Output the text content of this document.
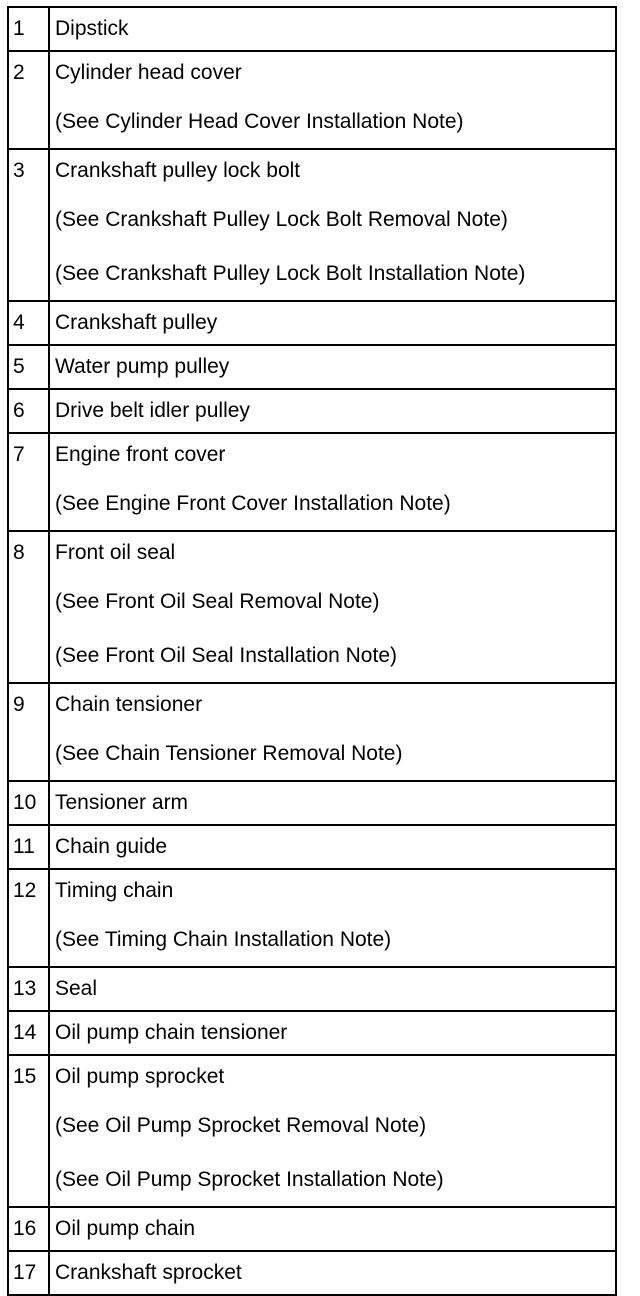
1	Dipstick

2	Cylinder head cover
(See Cylinder Head Cover Installation Note)

3	Crankshaft pulley lock bolt
(See Crankshaft Pulley Lock Bolt Removal Note)
(See Crankshaft Pulley Lock Bolt Installation Note)

4	Crankshaft pulley

5	Water pump pulley

6	Drive belt idler pulley

7	Engine front cover
(See Engine Front Cover Installation Note)

8	Front oil seal
(See Front Oil Seal Removal Note)
(See Front Oil Seal Installation Note)

9	Chain tensioner
(See Chain Tensioner Removal Note)

10	Tensioner arm

11	Chain guide

12	Timing chain
(See Timing Chain Installation Note)

13	Seal

14	Oil pump chain tensioner

15	Oil pump sprocket
(See Oil Pump Sprocket Removal Note)
(See Oil Pump Sprocket Installation Note)

16	Oil pump chain

17	Crankshaft sprocket
